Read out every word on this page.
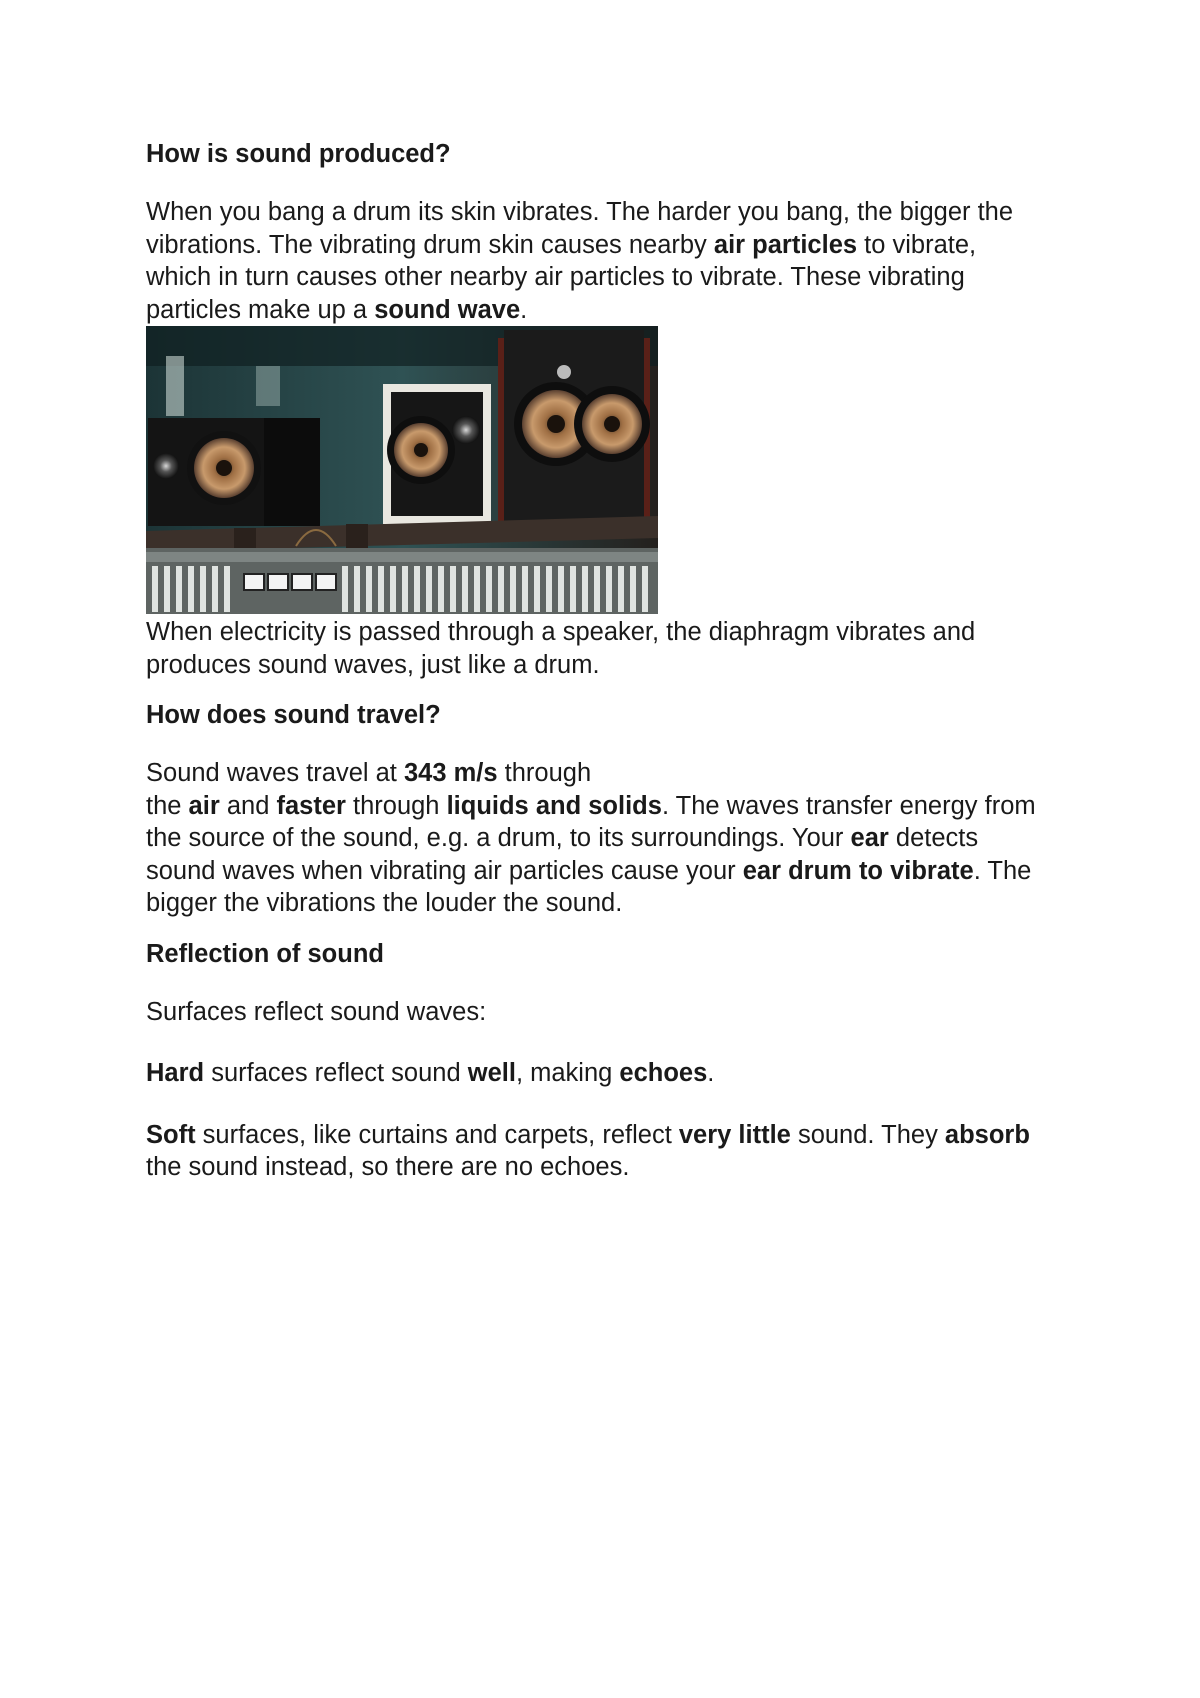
How is sound produced?

When you bang a drum its skin vibrates. The harder you bang, the bigger the vibrations. The vibrating drum skin causes nearby air particles to vibrate, which in turn causes other nearby air particles to vibrate. These vibrating particles make up a sound wave.

When electricity is passed through a speaker, the diaphragm vibrates and produces sound waves, just like a drum.

How does sound travel?

Sound waves travel at 343 m/s through
the air and faster through liquids and solids. The waves transfer energy from the source of the sound, e.g. a drum, to its surroundings. Your ear detects sound waves when vibrating air particles cause your ear drum to vibrate. The bigger the vibrations the louder the sound.

Reflection of sound

Surfaces reflect sound waves:

Hard surfaces reflect sound well, making echoes.

Soft surfaces, like curtains and carpets, reflect very little sound. They absorb the sound instead, so there are no echoes.
